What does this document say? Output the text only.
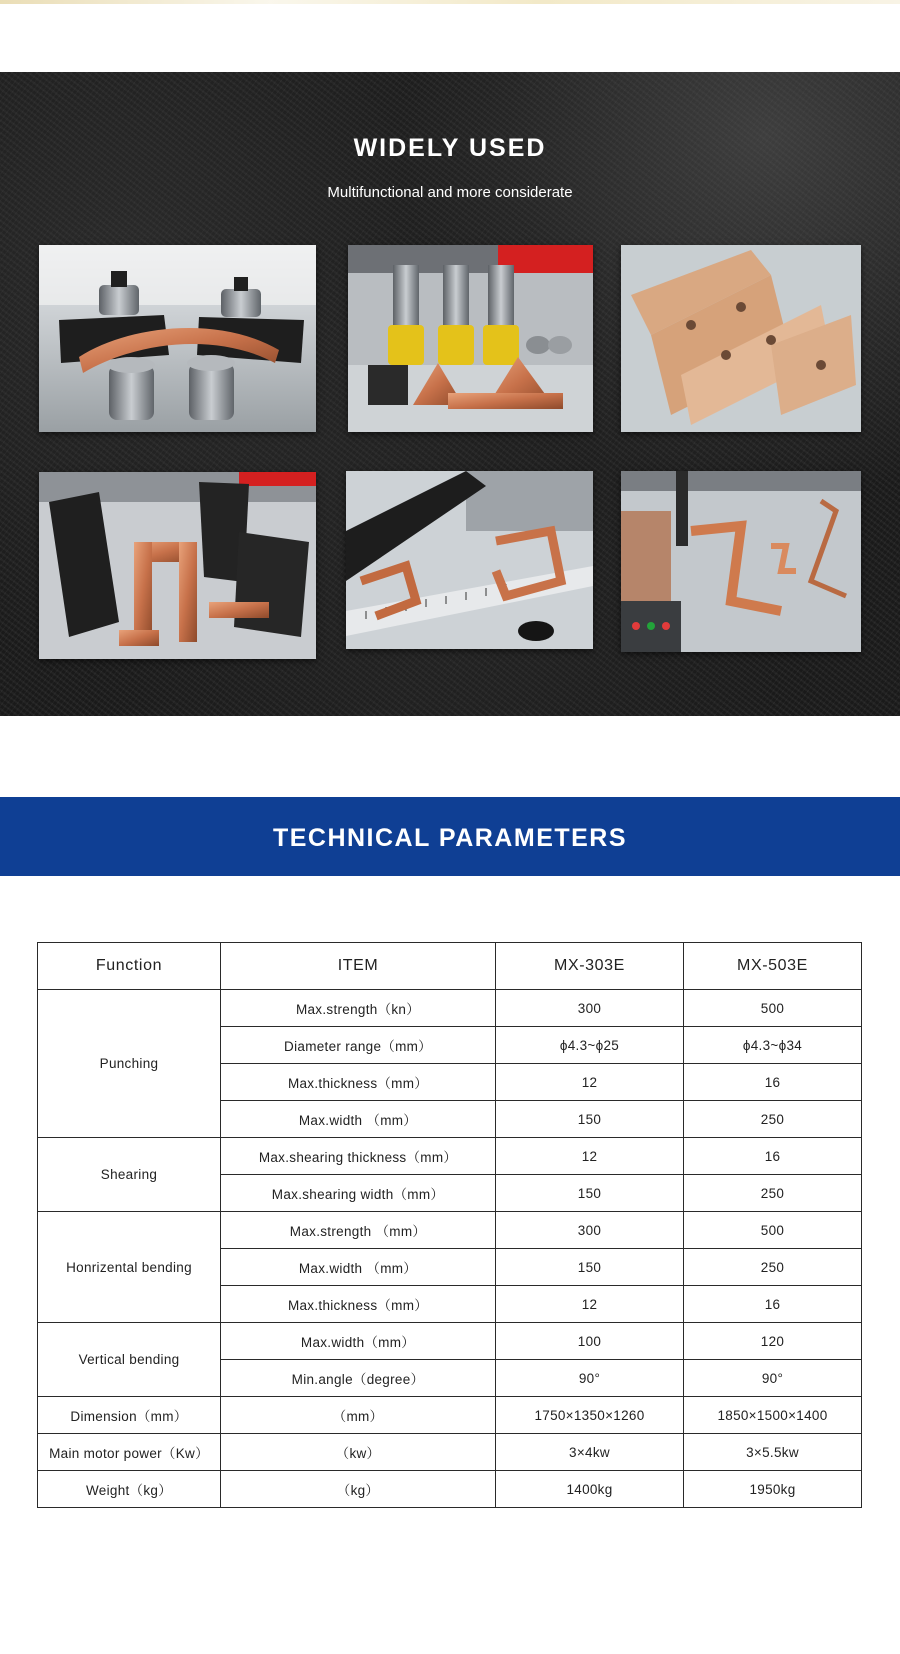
WIDELY USED
Multifunctional and more considerate
TECHNICAL PARAMETERS
Function	ITEM	MX-303E	MX-503E
Punching	Max.strength（kn）	300	500
	Diameter range（mm）	ϕ4.3~ϕ25	ϕ4.3~ϕ34
	Max.thickness（mm）	12	16
	Max.width （mm）	150	250
Shearing	Max.shearing thickness（mm）	12	16
	Max.shearing width（mm）	150	250
Honrizental bending	Max.strength （mm）	300	500
	Max.width （mm）	150	250
	Max.thickness（mm）	12	16
Vertical bending	Max.width（mm）	100	120
	Min.angle（degree）	90°	90°
Dimension（mm）	（mm）	1750×1350×1260	1850×1500×1400
Main motor power（Kw）	（kw）	3×4kw	3×5.5kw
Weight（kg）	（kg）	1400kg	1950kg
